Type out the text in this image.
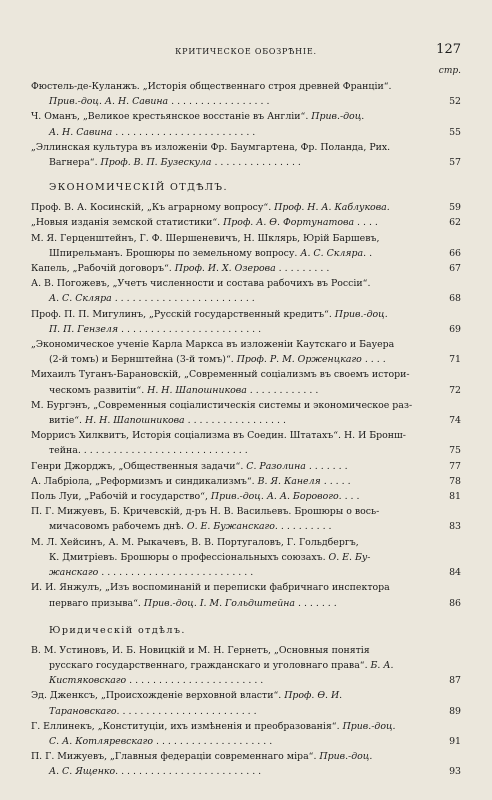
КРИТИЧЕСКОЕ ОБОЗРѢНIЕ.	127
стр.
Фюстель-де-Куланжъ. „Исторія общественнаго строя древней Франціи“.
Прив.-доц. А. Н. Савина . . . . . . . . . . . . . . . . .	52
Ч. Оманъ, „Великое крестьянское восстаніе въ Англіи“. Прив.-доц.
А. Н. Савина . . . . . . . . . . . . . . . . . . . . . . . .	55
„Эллинская культура въ изложеніи Фр. Баумгартена, Фр. Поланда, Рих.
Вагнера“. Проф. В. П. Бузескула . . . . . . . . . . . . . . .	57
ЭКОНОМИЧЕСКІЙ ОТДѢЛЪ.
Проф. В. А. Косинскій, „Къ аграрному вопросу“. Проф. Н. А. Каблукова.	59
„Новыя изданія земской статистики“. Проф. А. Ѳ. Фортунатова . . . .	62
М. Я. Герценштейнъ, Г. Ф. Шершеневичъ, Н. Шклярь, Юрій Баршевъ,
Шпирельманъ. Брошюры по земельному вопросу. А. С. Скляра. .	66
Капель, „Рабочій договоръ“. Проф. И. Х. Озерова . . . . . . . . .	67
А. В. Погожевъ, „Учетъ численности и состава рабочихъ въ Россіи“.
А. С. Скляра . . . . . . . . . . . . . . . . . . . . . . . .	68
Проф. П. П. Мигулинъ, „Русскій государственный кредитъ“. Прив.-доц.
П. П. Гензеля . . . . . . . . . . . . . . . . . . . . . . . .	69
„Экономическое ученіе Карла Маркса въ изложеніи Каутскаго и Бауера
(2-й томъ) и Бернштейна (3-й томъ)“. Проф. Р. М. Орженцкаго . . . .	71
Михаилъ Туганъ-Барановскій, „Современный соціализмъ въ своемъ истори-
ческомъ развитіи“. Н. Н. Шапошникова . . . . . . . . . . . .	72
М. Бургэнъ, „Современныя соціалистическія системы и экономическое раз-
витіе“. Н. Н. Шапошникова . . . . . . . . . . . . . . . . .	74
Моррисъ Хилквитъ, Исторія соціализма въ Соедин. Штатахъ“. Н. И Бронш-
тейна. . . . . . . . . . . . . . . . . . . . . . . . . . . . .	75
Генри Джорджъ, „Общественныя задачи“. С. Разолина . . . . . . .	77
А. Лабріола, „Реформизмъ и синдикализмъ“. В. Я. Канеля . . . . .	78
Поль Луи, „Рабочій и государство“, Прив.-доц. А. А. Борового. . . .	81
П. Г. Мижуевъ, Б. Кричевскій, д-ръ Н. В. Васильевъ. Брошюры о вось-
мичасовомъ рабочемъ днѣ. О. Е. Бужанскаго. . . . . . . . . .	83
М. Л. Хейсинъ, А. М. Рыкачевъ, В. В. Португаловъ, Г. Гольдбергъ,
К. Дмитріевъ. Брошюры о профессіональныхъ союзахъ. О. Е. Бу-
жанскаго . . . . . . . . . . . . . . . . . . . . . . . . . .	84
И. И. Янжулъ, „Изъ воспоминаній и переписки фабричнаго инспектора
перваго призыва“. Прив.-доц. І. М. Гольдштейна . . . . . . .	86
Юридическій отдѣлъ.
В. М. Устиновъ, И. Б. Новицкій и М. Н. Гернетъ, „Основныя понятія
русскаго государственнаго, гражданскаго и уголовнаго права“. Б. А.
Кистяковскаго . . . . . . . . . . . . . . . . . . . . . . .	87
Эд. Дженксъ, „Происхожденіе верховной власти“. Проф. Ѳ. И.
Тарановскаго. . . . . . . . . . . . . . . . . . . . . . . .	89
Г. Еллинекъ, „Конституціи, ихъ измѣненія и преобразованія“. Прив.-доц.
С. А. Котляревскаго . . . . . . . . . . . . . . . . . . . .	91
П. Г. Мижуевъ, „Главныя федераціи современнаго міра“. Прив.-доц.
А. С. Ященко. . . . . . . . . . . . . . . . . . . . . . . . .	93
